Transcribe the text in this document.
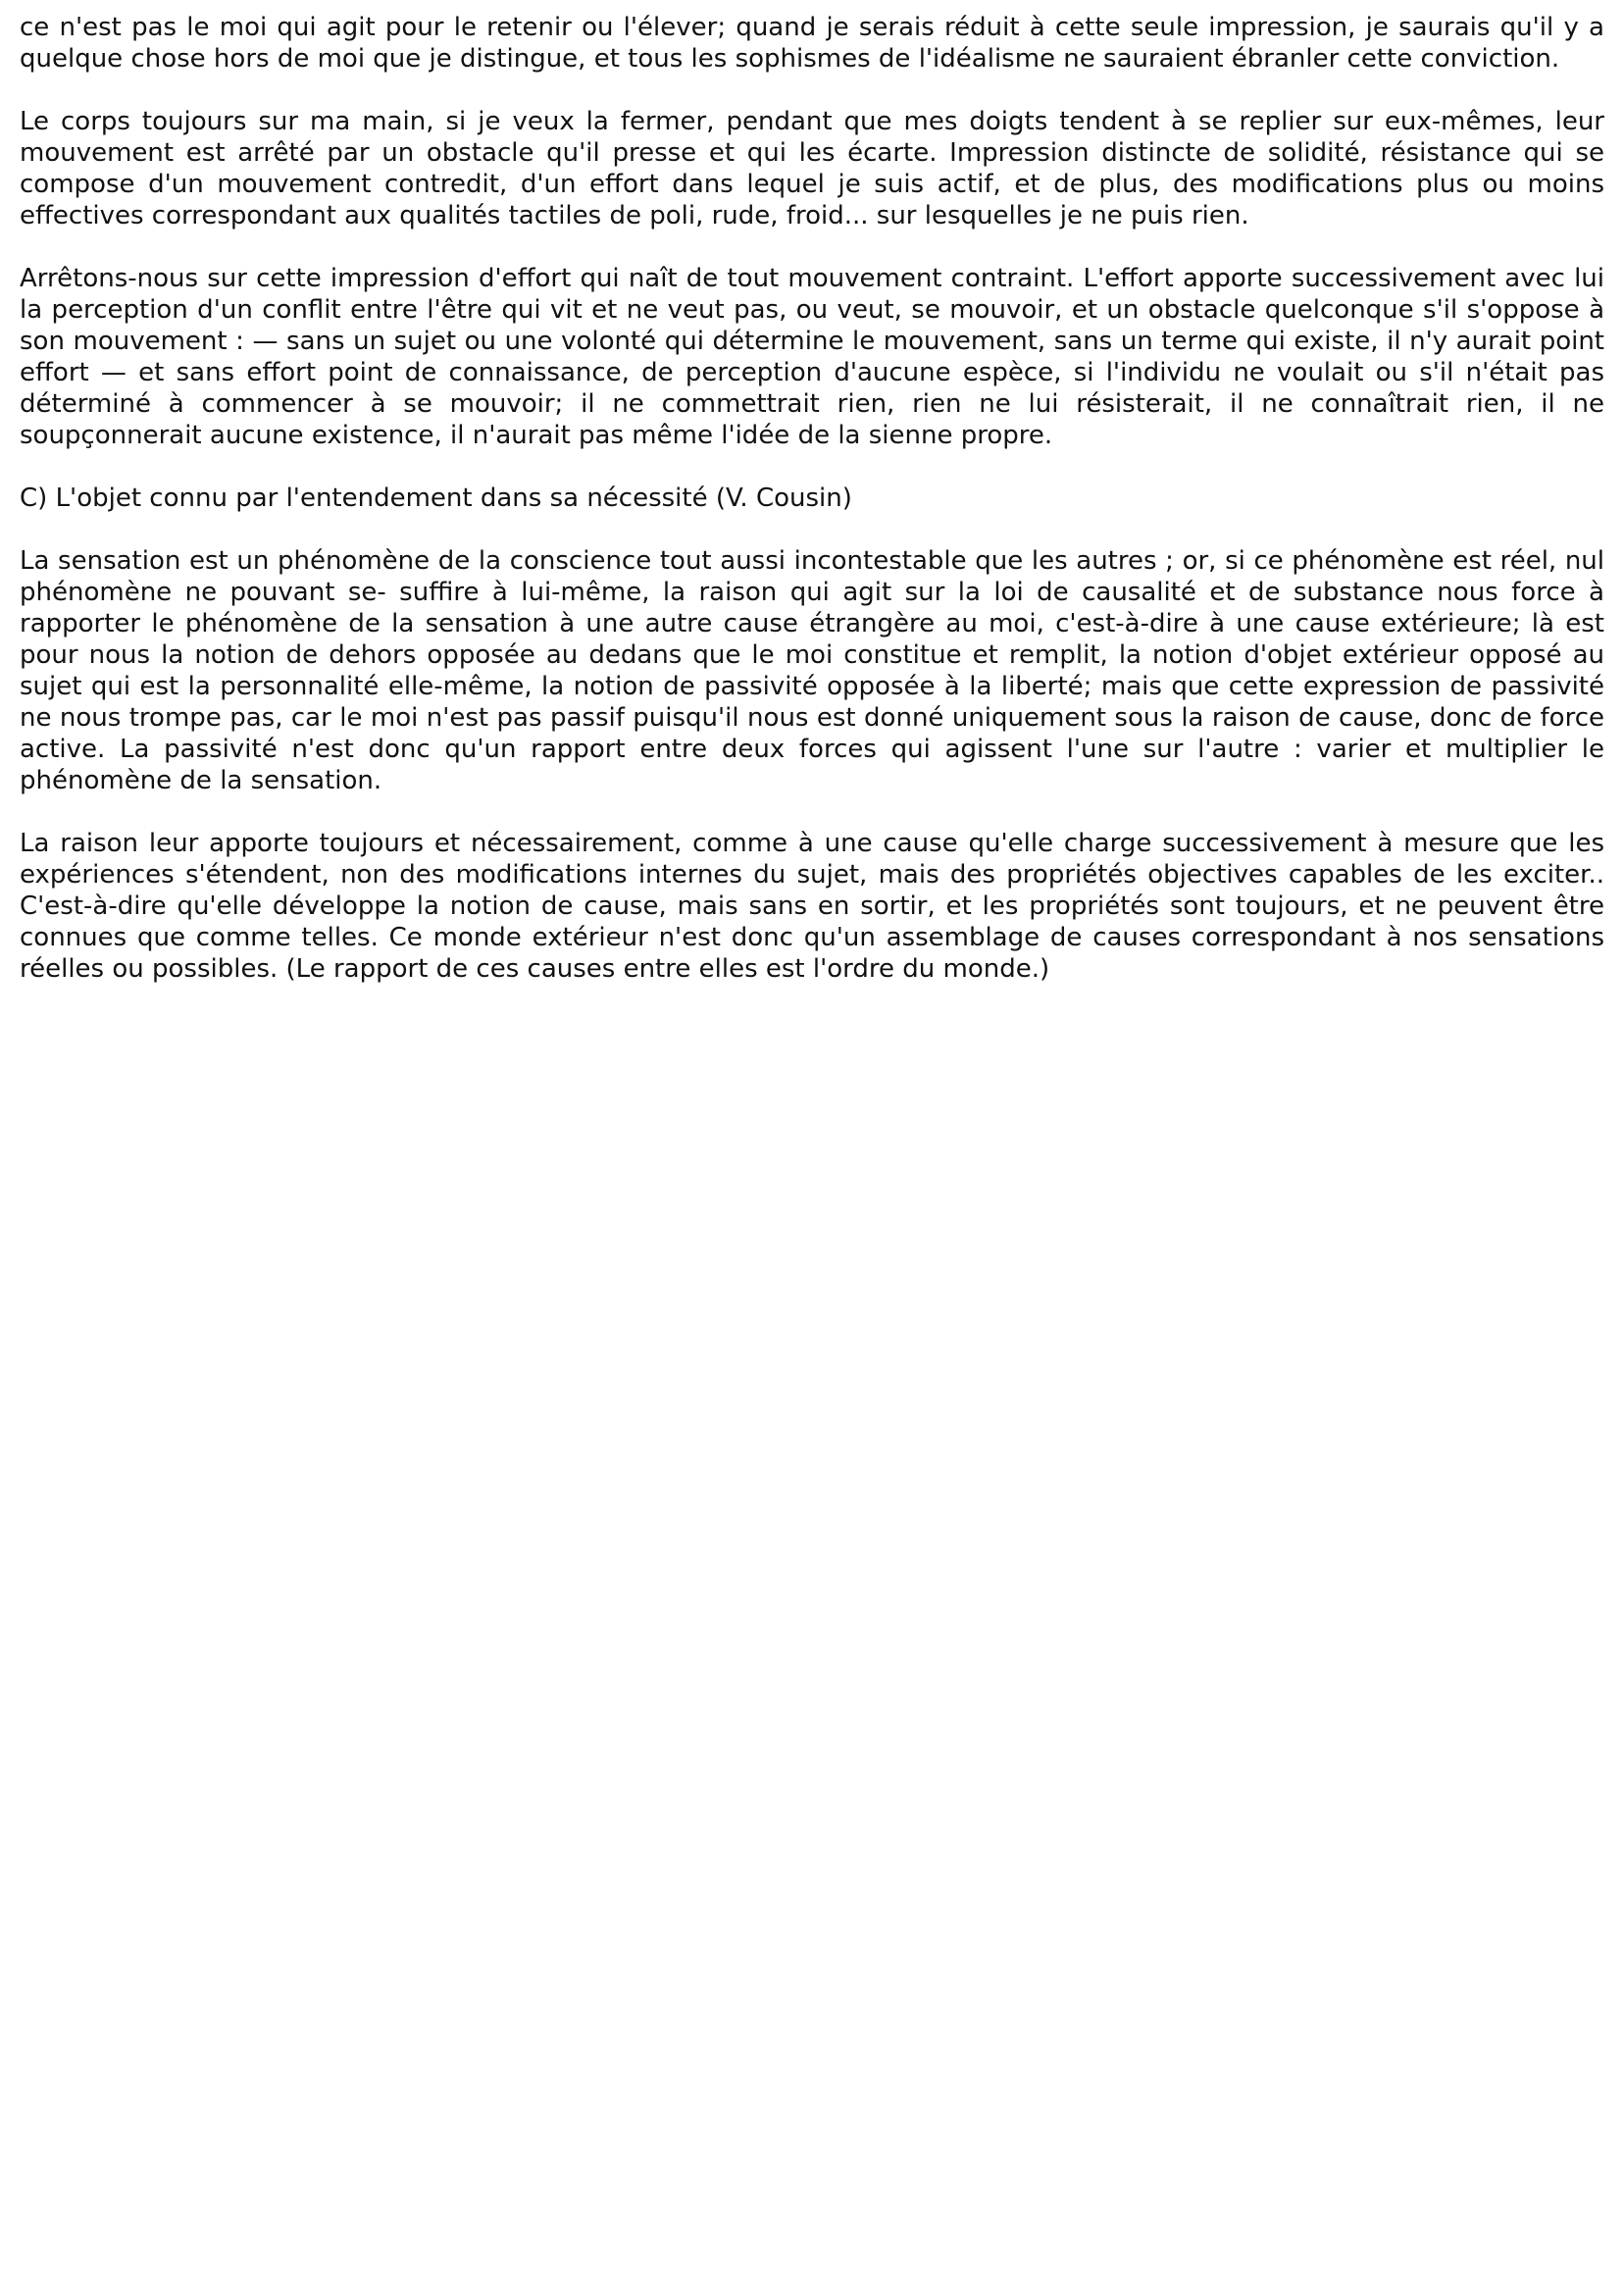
ce n'est pas le moi qui agit pour le retenir ou l'élever; quand je serais réduit à cette seule impression, je saurais qu'il y a quelque chose hors de moi que je distingue, et tous les sophismes de l'idéalisme ne sauraient ébranler cette conviction.

Le corps toujours sur ma main, si je veux la fermer, pendant que mes doigts tendent à se replier sur eux-mêmes, leur mouvement est arrêté par un obstacle qu'il presse et qui les écarte. Impression distincte de solidité, résistance qui se compose d'un mouvement contredit, d'un effort dans lequel je suis actif, et de plus, des modifications plus ou moins effectives correspondant aux qualités tactiles de poli, rude, froid... sur lesquelles je ne puis rien.

Arrêtons-nous sur cette impression d'effort qui naît de tout mouvement contraint. L'effort apporte successivement avec lui la perception d'un conflit entre l'être qui vit et ne veut pas, ou veut, se mouvoir, et un obstacle quelconque s'il s'oppose à son mouvement : — sans un sujet ou une volonté qui détermine le mouvement, sans un terme qui existe, il n'y aurait point effort — et sans effort point de connaissance, de perception d'aucune espèce, si l'individu ne voulait ou s'il n'était pas déterminé à commencer à se mouvoir; il ne commettrait rien, rien ne lui résisterait, il ne connaîtrait rien, il ne soupçonnerait aucune existence, il n'aurait pas même l'idée de la sienne propre.

C) L'objet connu par l'entendement dans sa nécessité (V. Cousin)

La sensation est un phénomène de la conscience tout aussi incontestable que les autres ; or, si ce phénomène est réel, nul phénomène ne pouvant se- suffire à lui-même, la raison qui agit sur la loi de causalité et de substance nous force à rapporter le phénomène de la sensation à une autre cause étrangère au moi, c'est-à-dire à une cause extérieure; là est pour nous la notion de dehors opposée au dedans que le moi constitue et remplit, la notion d'objet extérieur opposé au sujet qui est la personnalité elle-même, la notion de passivité opposée à la liberté; mais que cette expression de passivité ne nous trompe pas, car le moi n'est pas passif puisqu'il nous est donné uniquement sous la raison de cause, donc de force active. La passivité n'est donc qu'un rapport entre deux forces qui agissent l'une sur l'autre : varier et multiplier le phénomène de la sensation.

La raison leur apporte toujours et nécessairement, comme à une cause qu'elle charge successivement à mesure que les expériences s'étendent, non des modifications internes du sujet, mais des propriétés objectives capables de les exciter.. C'est-à-dire qu'elle développe la notion de cause, mais sans en sortir, et les propriétés sont toujours, et ne peuvent être connues que comme telles. Ce monde extérieur n'est donc qu'un assemblage de causes correspondant à nos sensations réelles ou possibles. (Le rapport de ces causes entre elles est l'ordre du monde.)
